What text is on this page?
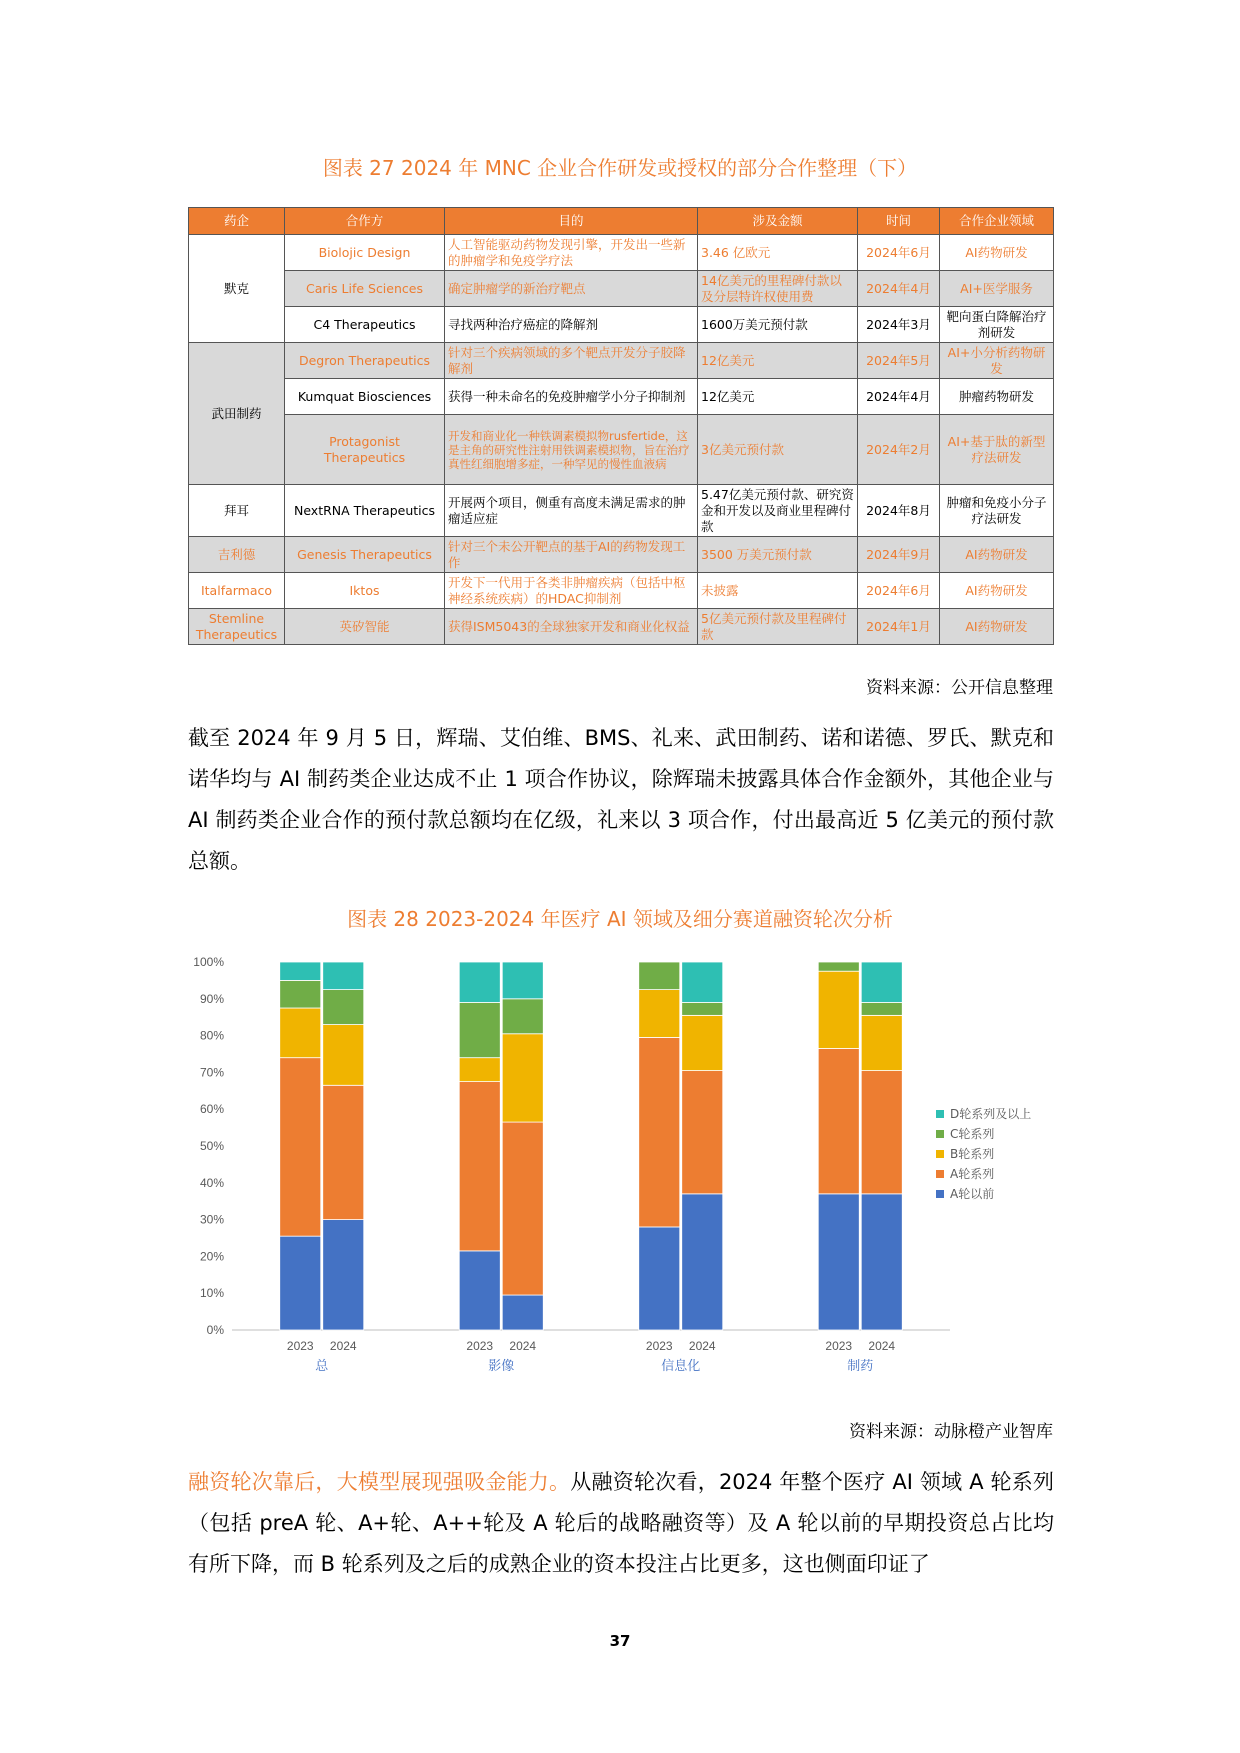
图表 27 2024 年 MNC 企业合作研发或授权的部分合作整理（下）
药企	合作方	目的	涉及金额	时间	合作企业领域
默克	Biolojic Design	人工智能驱动药物发现引擎，开发出一些新的肿瘤学和免疫学疗法	3.46 亿欧元	2024年6月	AI药物研发
	Caris Life Sciences	确定肿瘤学的新治疗靶点	14亿美元的里程碑付款以及分层特许权使用费	2024年4月	AI+医学服务
	C4 Therapeutics	寻找两种治疗癌症的降解剂	1600万美元预付款	2024年3月	靶向蛋白降解治疗剂研发
武田制药	Degron Therapeutics	针对三个疾病领域的多个靶点开发分子胶降解剂	12亿美元	2024年5月	AI+小分析药物研发
	Kumquat Biosciences	获得一种未命名的免疫肿瘤学小分子抑制剂	12亿美元	2024年4月	肿瘤药物研发
	Protagonist Therapeutics	开发和商业化一种铁调素模拟物rusfertide，这是主角的研究性注射用铁调素模拟物，旨在治疗真性红细胞增多症，一种罕见的慢性血液病	3亿美元预付款	2024年2月	AI+基于肽的新型疗法研发
拜耳	NextRNA Therapeutics	开展两个项目，侧重有高度未满足需求的肿瘤适应症	5.47亿美元预付款、研究资金和开发以及商业里程碑付款	2024年8月	肿瘤和免疫小分子疗法研发
吉利德	Genesis Therapeutics	针对三个未公开靶点的基于AI的药物发现工作	3500 万美元预付款	2024年9月	AI药物研发
Italfarmaco	Iktos	开发下一代用于各类非肿瘤疾病（包括中枢神经系统疾病）的HDAC抑制剂	未披露	2024年6月	AI药物研发
Stemline Therapeutics	英矽智能	获得ISM5043的全球独家开发和商业化权益	5亿美元预付款及里程碑付款	2024年1月	AI药物研发
资料来源：公开信息整理
截至 2024 年 9 月 5 日，辉瑞、艾伯维、BMS、礼来、武田制药、诺和诺德、罗氏、默克和诺华均与 AI 制药类企业达成不止 1 项合作协议，除辉瑞未披露具体合作金额外，其他企业与 AI 制药类企业合作的预付款总额均在亿级，礼来以 3 项合作，付出最高近 5 亿美元的预付款总额。
图表 28 2023-2024 年医疗 AI 领域及细分赛道融资轮次分析
0%
10%
20%
30%
40%
50%
60%
70%
80%
90%
100%
2023 2024
总
2023 2024
影像
2023 2024
信息化
2023 2024
制药
D轮系列及以上
C轮系列
B轮系列
A轮系列
A轮以前
资料来源：动脉橙产业智库
融资轮次靠后，大模型展现强吸金能力。从融资轮次看，2024 年整个医疗 AI 领域 A 轮系列（包括 preA 轮、A+轮、A++轮及 A 轮后的战略融资等）及 A 轮以前的早期投资总占比均有所下降，而 B 轮系列及之后的成熟企业的资本投注占比更多，这也侧面印证了
37
